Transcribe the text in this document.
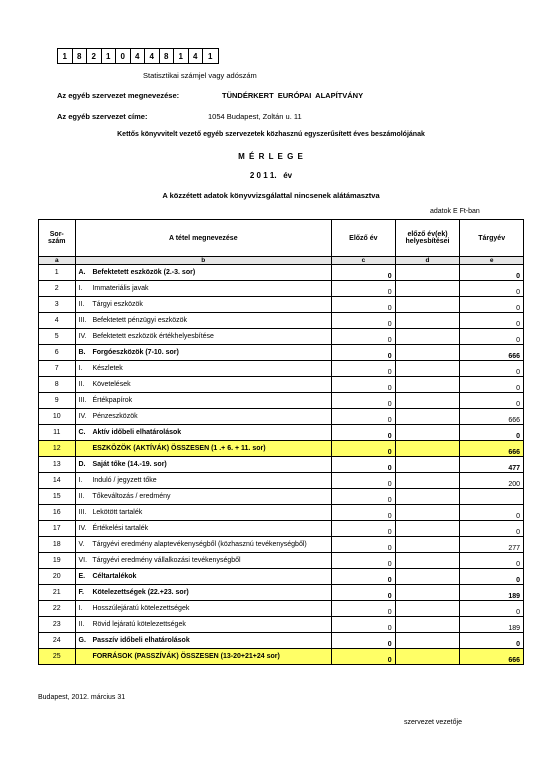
1	8	2	1	0	4	4	8	1	4	1
Statisztikai számjel vagy adószám
Az egyéb szervezet megnevezése:	TÜNDÉRKERT EURÓPAI ALAPÍTVÁNY
Az egyéb szervezet címe:	1054 Budapest, Zoltán u. 11
Kettős könyvvitelt vezető egyéb szervezetek közhasznú egyszerűsített éves beszámolójának
M É R L E G E
2 0 1 1.   év
A közzétett adatok könyvvizsgálattal nincsenek alátámasztva
adatok E Ft-ban
Sor-
szám	A tétel megnevezése	Előző év	előző év(ek) helyesbítései	Tárgyév
a	b	c	d	e
1	A. Befektetett eszközök (2.-3. sor)	0		0
2	I. Immateriális javak	0		0
3	II. Tárgyi eszközök	0		0
4	III. Befektetett pénzügyi eszközök	0		0
5	IV. Befektetett eszközök értékhelyesbítése	0		0
6	B. Forgóeszközök (7-10. sor)	0		666
7	I. Készletek	0		0
8	II. Követelések	0		0
9	III. Értékpapírok	0		0
10	IV. Pénzeszközök	0		666
11	C. Aktív időbeli elhatárolások	0		0
12	ESZKÖZÖK (AKTÍVÁK) ÖSSZESEN (1 .+ 6. + 11. sor)	0		666
13	D. Saját tőke (14.-19. sor)	0		477
14	I. Induló / jegyzett tőke	0		200
15	II. Tőkeváltozás / eredmény	0		
16	III. Lekötött tartalék	0		0
17	IV. Értékelési tartalék	0		0
18	V. Tárgyévi eredmény alaptevékenységből (közhasznú tevékenységből)	0		277
19	VI. Tárgyévi eredmény vállalkozási tevékenységből	0		0
20	E. Céltartalékok	0		0
21	F. Kötelezettségek (22.+23. sor)	0		189
22	I. Hosszúlejáratú kötelezettségek	0		0
23	II. Rövid lejáratú kötelezettségek	0		189
24	G. Passzív időbeli elhatárolások	0		0
25	FORRÁSOK (PASSZÍVÁK) ÖSSZESEN (13-20+21+24 sor)	0		666
Budapest, 2012. március 31
szervezet vezetője
